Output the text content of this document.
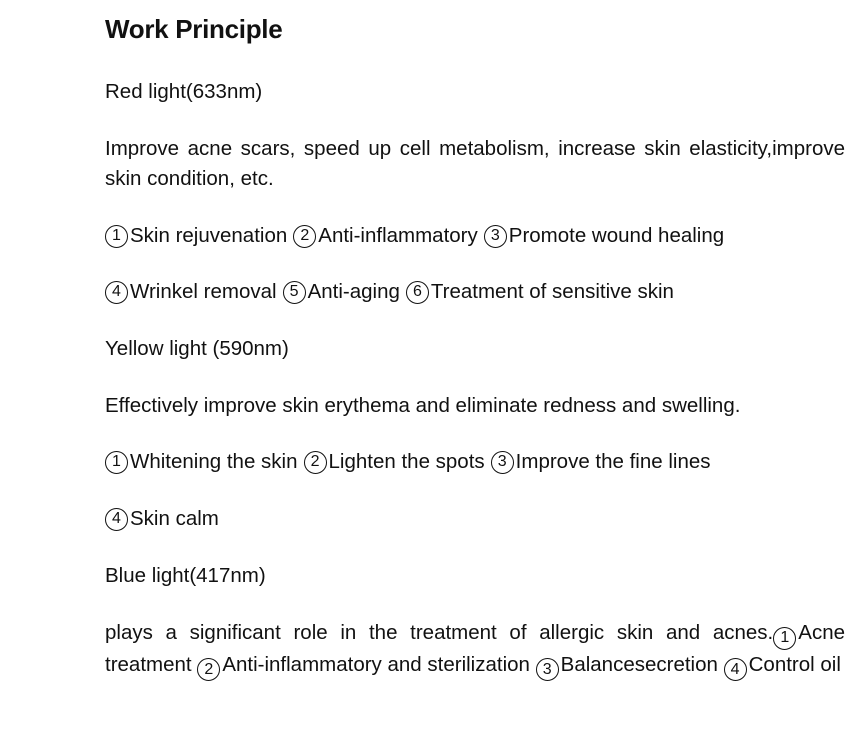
Work Principle
Red light(633nm)
Improve acne scars, speed up cell metabolism, increase skin elasticity,improve skin condition, etc.
1 Skin rejuvenation 2 Anti-inflammatory 3 Promote wound healing
4 Wrinkel removal 5 Anti-aging 6 Treatment of sensitive skin
Yellow light (590nm)
Effectively improve skin erythema and eliminate redness and swelling.
1 Whitening the skin 2 Lighten the spots 3 Improve the fine lines
4 Skin calm
Blue light(417nm)
plays a significant role in the treatment of allergic skin and acnes. 1 Acne treatment 2 Anti-inflammatory and sterilization 3 Balancesecretion 4 Control oil
